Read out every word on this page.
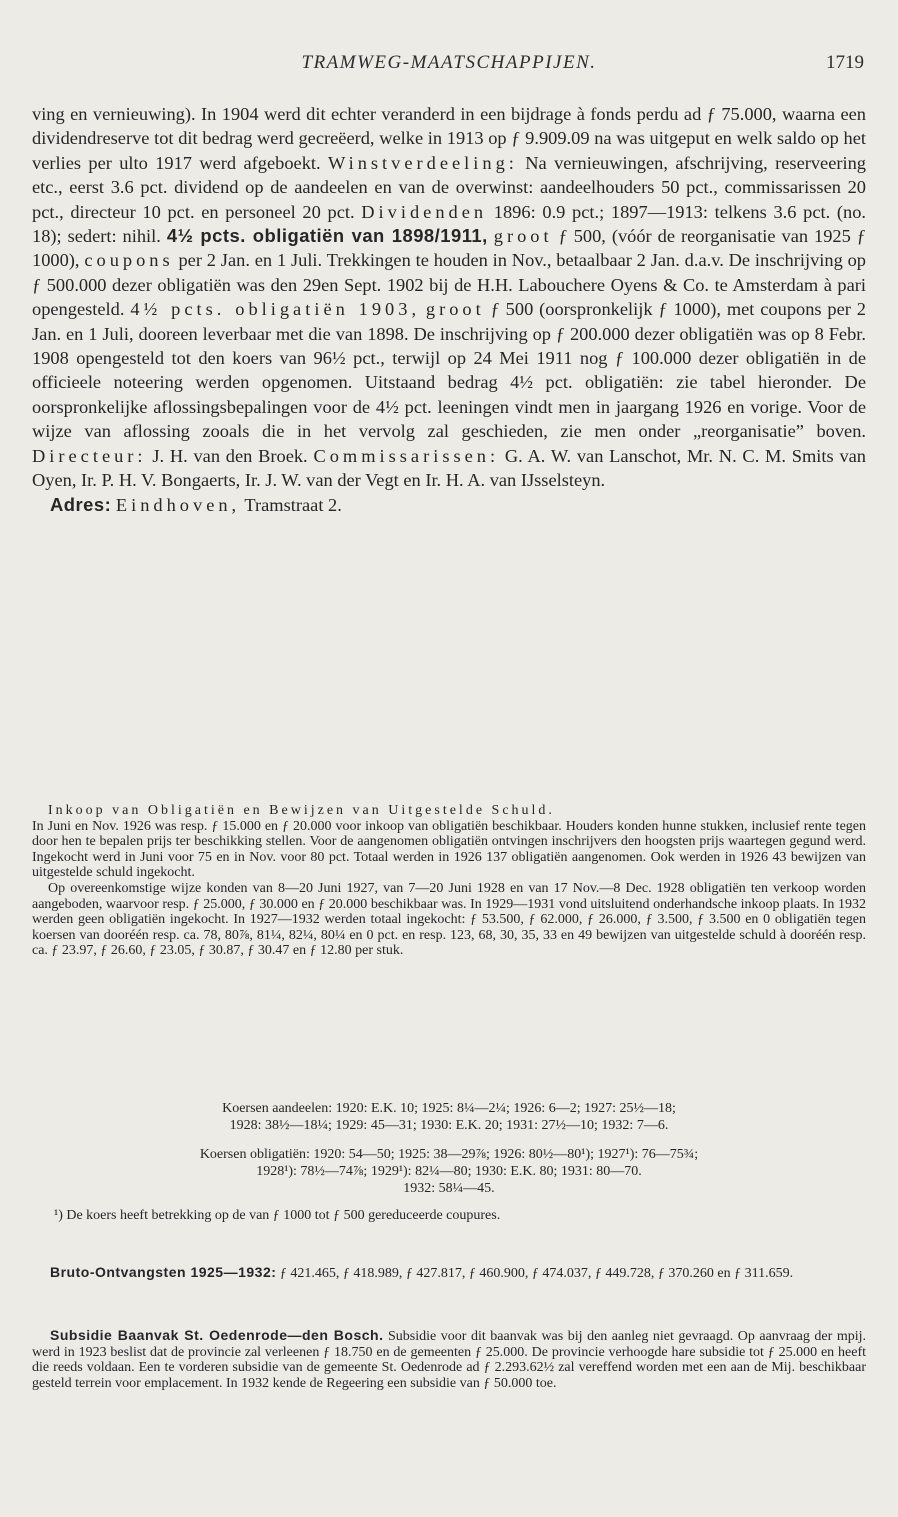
TRAMWEG-MAATSCHAPPIJEN.	1719

ving en vernieuwing). In 1904 werd dit echter veranderd in een bijdrage à fonds perdu ad ƒ 75.000, waarna een dividendreserve tot dit bedrag werd gecreëerd, welke in 1913 op ƒ 9.909.09 na was uitgeput en welk saldo op het verlies per ulto 1917 werd afgeboekt. Winstverdeeling: Na vernieuwingen, afschrijving, reserveering etc., eerst 3.6 pct. dividend op de aandeelen en van de overwinst: aandeelhouders 50 pct., commissarissen 20 pct., directeur 10 pct. en personeel 20 pct. Dividenden 1896: 0.9 pct.; 1897—1913: telkens 3.6 pct. (no. 18); sedert: nihil. 4½ pcts. obligatiën van 1898/1911, groot ƒ 500, (vóór de reorganisatie van 1925 ƒ 1000), coupons per 2 Jan. en 1 Juli. Trekkingen te houden in Nov., betaalbaar 2 Jan. d.a.v. De inschrijving op ƒ 500.000 dezer obligatiën was den 29en Sept. 1902 bij de H.H. Labouchere Oyens & Co. te Amsterdam à pari opengesteld. 4½ pcts. obligatiën 1903, groot ƒ 500 (oorspronkelijk ƒ 1000), met coupons per 2 Jan. en 1 Juli, dooreen leverbaar met die van 1898. De inschrijving op ƒ 200.000 dezer obligatiën was op 8 Febr. 1908 opengesteld tot den koers van 96½ pct., terwijl op 24 Mei 1911 nog ƒ 100.000 dezer obligatiën in de officieele noteering werden opgenomen. Uitstaand bedrag 4½ pct. obligatiën: zie tabel hieronder. De oorspronkelijke aflossingsbepalingen voor de 4½ pct. leeningen vindt men in jaargang 1926 en vorige. Voor de wijze van aflossing zooals die in het vervolg zal geschieden, zie men onder „reorganisatie” boven. Directeur: J. H. van den Broek. Commissarissen: G. A. W. van Lanschot, Mr. N. C. M. Smits van Oyen, Ir. P. H. V. Bongaerts, Ir. J. W. van der Vegt en Ir. H. A. van IJsselsteyn.

Adres: Eindhoven, Tramstraat 2.

Inkoop van Obligatiën en Bewijzen van Uitgestelde Schuld.

In Juni en Nov. 1926 was resp. ƒ 15.000 en ƒ 20.000 voor inkoop van obligatiën beschikbaar. Houders konden hunne stukken, inclusief rente tegen door hen te bepalen prijs ter beschikking stellen. Voor de aangenomen obligatiën ontvingen inschrijvers den hoogsten prijs waartegen gegund werd. Ingekocht werd in Juni voor 75 en in Nov. voor 80 pct. Totaal werden in 1926 137 obligatiën aangenomen. Ook werden in 1926 43 bewijzen van uitgestelde schuld ingekocht.

Op overeenkomstige wijze konden van 8—20 Juni 1927, van 7—20 Juni 1928 en van 17 Nov.—8 Dec. 1928 obligatiën ten verkoop worden aangeboden, waarvoor resp. ƒ 25.000, ƒ 30.000 en ƒ 20.000 beschikbaar was. In 1929—1931 vond uitsluitend onderhandsche inkoop plaats. In 1932 werden geen obligatiën ingekocht. In 1927—1932 werden totaal ingekocht: ƒ 53.500, ƒ 62.000, ƒ 26.000, ƒ 3.500, ƒ 3.500 en 0 obligatiën tegen koersen van dooréén resp. ca. 78, 80⅞, 81¼, 82¼, 80¼ en 0 pct. en resp. 123, 68, 30, 35, 33 en 49 bewijzen van uitgestelde schuld à dooréén resp. ca. ƒ 23.97, ƒ 26.60, ƒ 23.05, ƒ 30.87, ƒ 30.47 en ƒ 12.80 per stuk.

Koersen aandeelen: 1920: E.K. 10; 1925: 8¼—2¼; 1926: 6—2; 1927: 25½—18;

1928: 38½—18¼; 1929: 45—31; 1930: E.K. 20; 1931: 27½—10; 1932: 7—6.

Koersen obligatiën: 1920: 54—50; 1925: 38—29⅞; 1926: 80½—80¹); 1927¹): 76—75¾;

1928¹): 78½—74⅞; 1929¹): 82¼—80; 1930: E.K. 80; 1931: 80—70.

1932: 58¼—45.

¹) De koers heeft betrekking op de van ƒ 1000 tot ƒ 500 gereduceerde coupures.

Bruto-Ontvangsten 1925—1932: ƒ 421.465, ƒ 418.989, ƒ 427.817, ƒ 460.900, ƒ 474.037, ƒ 449.728, ƒ 370.260 en ƒ 311.659.

Subsidie Baanvak St. Oedenrode—den Bosch. Subsidie voor dit baanvak was bij den aanleg niet gevraagd. Op aanvraag der mpij. werd in 1923 beslist dat de provincie zal verleenen ƒ 18.750 en de gemeenten ƒ 25.000. De provincie verhoogde hare subsidie tot ƒ 25.000 en heeft die reeds voldaan. Een te vorderen subsidie van de gemeente St. Oedenrode ad ƒ 2.293.62½ zal vereffend worden met een aan de Mij. beschikbaar gesteld terrein voor emplacement. In 1932 kende de Regeering een subsidie van ƒ 50.000 toe.
